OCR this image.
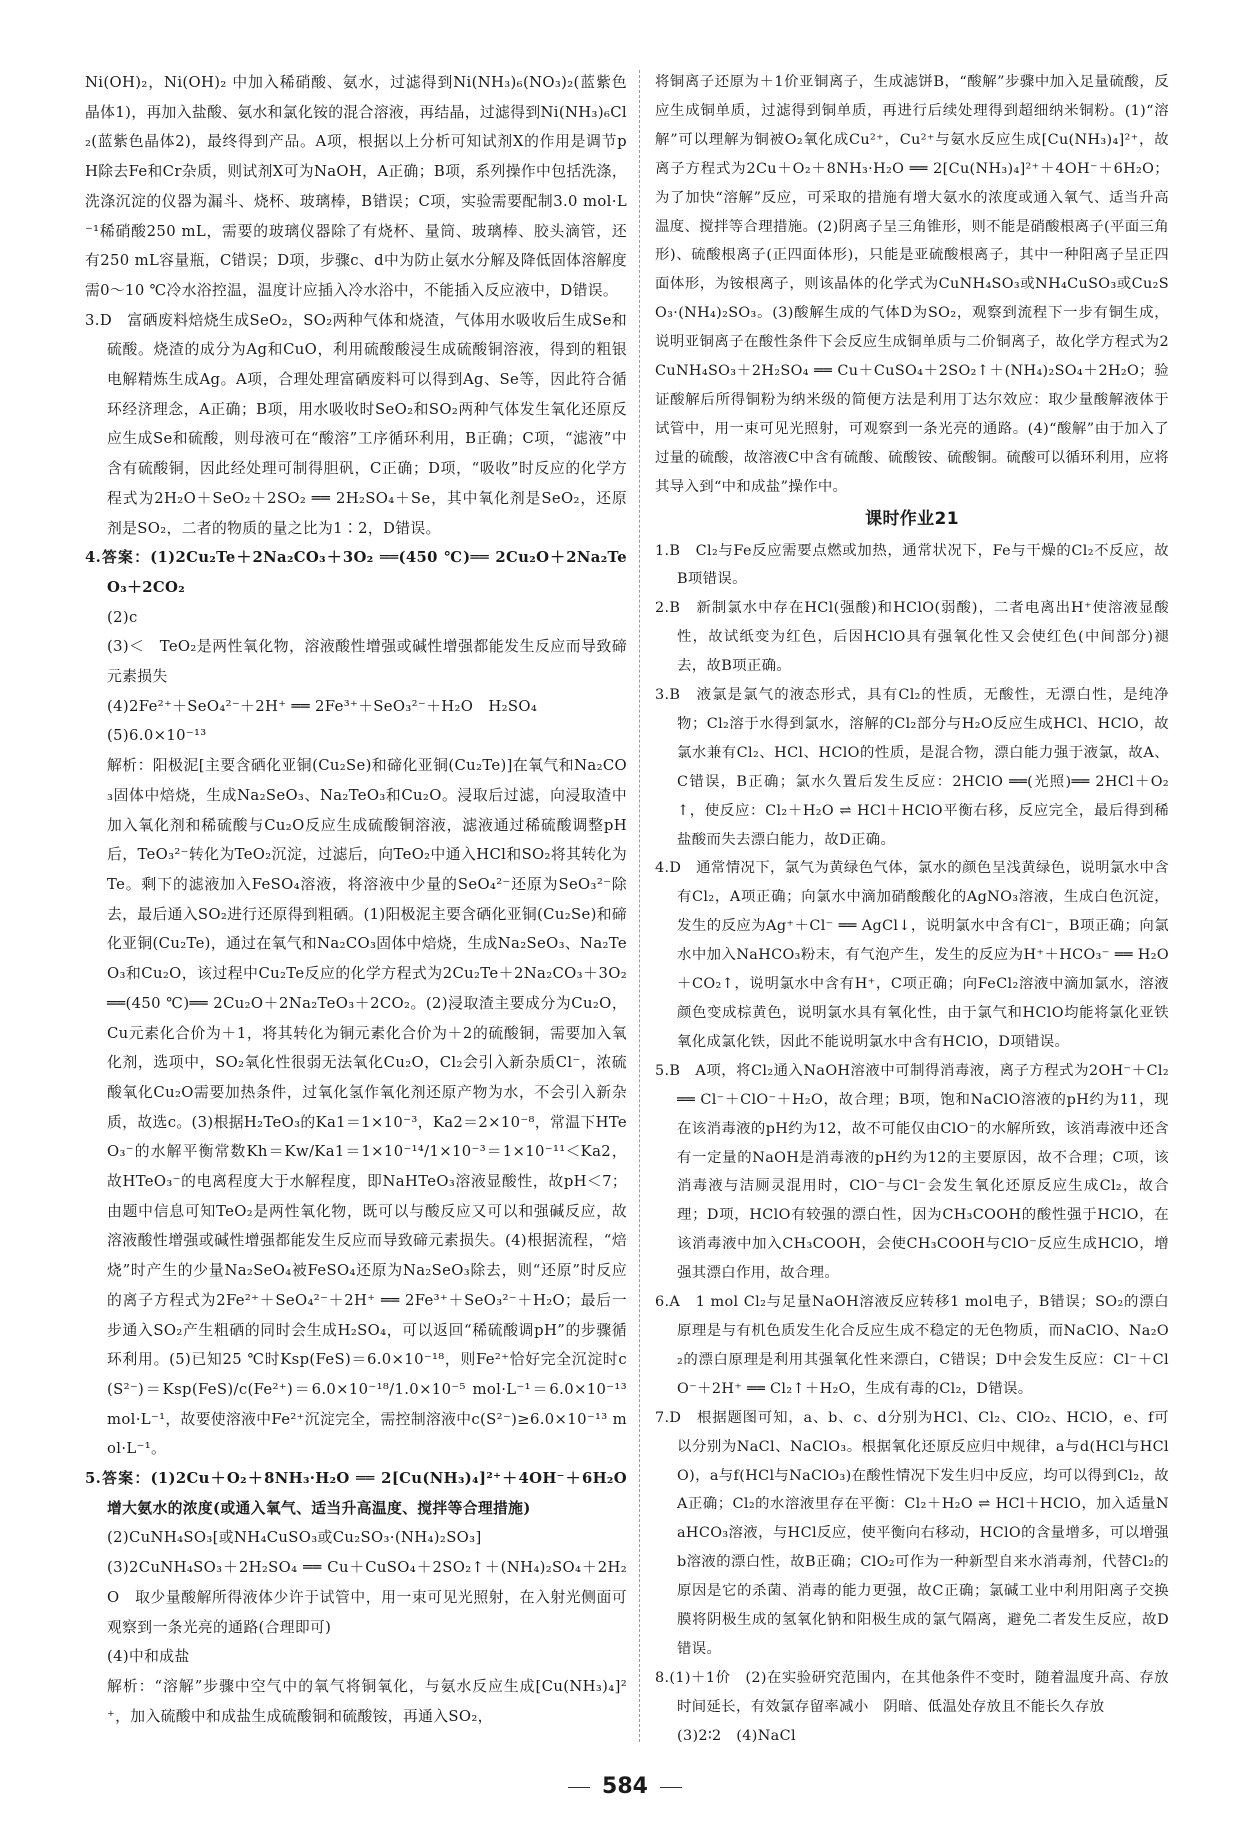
Ni(OH)₂，Ni(OH)₂ 中加入稀硝酸、氨水，过滤得到Ni(NH₃)₆(NO₃)₂(蓝紫色晶体1)，再加入盐酸、氨水和氯化铵的混合溶液，再结晶，过滤得到Ni(NH₃)₆Cl₂(蓝紫色晶体2)，最终得到产品。A项，根据以上分析可知试剂X的作用是调节pH除去Fe和Cr杂质，则试剂X可为NaOH，A正确；B项，系列操作中包括洗涤，洗涤沉淀的仪器为漏斗、烧杯、玻璃棒，B错误；C项，实验需要配制3.0 mol·L⁻¹稀硝酸250 mL，需要的玻璃仪器除了有烧杯、量筒、玻璃棒、胶头滴管，还有250 mL容量瓶，C错误；D项，步骤c、d中为防止氨水分解及降低固体溶解度需0～10 ℃冷水浴控温，温度计应插入冷水浴中，不能插入反应液中，D错误。

3.D　富硒废料焙烧生成SeO₂，SO₂两种气体和烧渣，气体用水吸收后生成Se和硫酸。烧渣的成分为Ag和CuO，利用硫酸酸浸生成硫酸铜溶液，得到的粗银电解精炼生成Ag。A项，合理处理富硒废料可以得到Ag、Se等，因此符合循环经济理念，A正确；B项，用水吸收时SeO₂和SO₂两种气体发生氧化还原反应生成Se和硫酸，则母液可在“酸溶”工序循环利用，B正确；C项，“滤液”中含有硫酸铜，因此经处理可制得胆矾，C正确；D项，“吸收”时反应的化学方程式为2H₂O＋SeO₂＋2SO₂ ══ 2H₂SO₄＋Se，其中氧化剂是SeO₂，还原剂是SO₂，二者的物质的量之比为1∶2，D错误。

4.答案：(1)2Cu₂Te＋2Na₂CO₃＋3O₂ ══(450 ℃)══ 2Cu₂O＋2Na₂TeO₃＋2CO₂

(2)c

(3)＜　TeO₂是两性氧化物，溶液酸性增强或碱性增强都能发生反应而导致碲元素损失

(4)2Fe²⁺＋SeO₄²⁻＋2H⁺ ══ 2Fe³⁺＋SeO₃²⁻＋H₂O　H₂SO₄

(5)6.0×10⁻¹³

解析：阳极泥[主要含硒化亚铜(Cu₂Se)和碲化亚铜(Cu₂Te)]在氧气和Na₂CO₃固体中焙烧，生成Na₂SeO₃、Na₂TeO₃和Cu₂O。浸取后过滤，向浸取渣中加入氧化剂和稀硫酸与Cu₂O反应生成硫酸铜溶液，滤液通过稀硫酸调整pH后，TeO₃²⁻转化为TeO₂沉淀，过滤后，向TeO₂中通入HCl和SO₂将其转化为Te。剩下的滤液加入FeSO₄溶液，将溶液中少量的SeO₄²⁻还原为SeO₃²⁻除去，最后通入SO₂进行还原得到粗硒。(1)阳极泥主要含硒化亚铜(Cu₂Se)和碲化亚铜(Cu₂Te)，通过在氧气和Na₂CO₃固体中焙烧，生成Na₂SeO₃、Na₂TeO₃和Cu₂O，该过程中Cu₂Te反应的化学方程式为2Cu₂Te＋2Na₂CO₃＋3O₂ ══(450 ℃)══ 2Cu₂O＋2Na₂TeO₃＋2CO₂。(2)浸取渣主要成分为Cu₂O，Cu元素化合价为＋1，将其转化为铜元素化合价为＋2的硫酸铜，需要加入氧化剂，选项中，SO₂氧化性很弱无法氧化Cu₂O，Cl₂会引入新杂质Cl⁻，浓硫酸氧化Cu₂O需要加热条件，过氧化氢作氧化剂还原产物为水，不会引入新杂质，故选c。(3)根据H₂TeO₃的Ka1＝1×10⁻³，Ka2＝2×10⁻⁸，常温下HTeO₃⁻的水解平衡常数Kh＝Kw/Ka1＝1×10⁻¹⁴/1×10⁻³＝1×10⁻¹¹＜Ka2，故HTeO₃⁻的电离程度大于水解程度，即NaHTeO₃溶液显酸性，故pH＜7；由题中信息可知TeO₂是两性氧化物，既可以与酸反应又可以和强碱反应，故溶液酸性增强或碱性增强都能发生反应而导致碲元素损失。(4)根据流程，“焙烧”时产生的少量Na₂SeO₄被FeSO₄还原为Na₂SeO₃除去，则“还原”时反应的离子方程式为2Fe²⁺＋SeO₄²⁻＋2H⁺ ══ 2Fe³⁺＋SeO₃²⁻＋H₂O；最后一步通入SO₂产生粗硒的同时会生成H₂SO₄，可以返回“稀硫酸调pH”的步骤循环利用。(5)已知25 ℃时Ksp(FeS)＝6.0×10⁻¹⁸，则Fe²⁺恰好完全沉淀时c(S²⁻)＝Ksp(FeS)/c(Fe²⁺)＝6.0×10⁻¹⁸/1.0×10⁻⁵ mol·L⁻¹＝6.0×10⁻¹³ mol·L⁻¹，故要使溶液中Fe²⁺沉淀完全，需控制溶液中c(S²⁻)≥6.0×10⁻¹³ mol·L⁻¹。

5.答案：(1)2Cu＋O₂＋8NH₃·H₂O ══ 2[Cu(NH₃)₄]²⁺＋4OH⁻＋6H₂O　增大氨水的浓度(或通入氧气、适当升高温度、搅拌等合理措施)

(2)CuNH₄SO₃[或NH₄CuSO₃或Cu₂SO₃·(NH₄)₂SO₃]

(3)2CuNH₄SO₃＋2H₂SO₄ ══ Cu＋CuSO₄＋2SO₂↑＋(NH₄)₂SO₄＋2H₂O　取少量酸解所得液体少许于试管中，用一束可见光照射，在入射光侧面可观察到一条光亮的通路(合理即可)

(4)中和成盐

解析：“溶解”步骤中空气中的氧气将铜氧化，与氨水反应生成[Cu(NH₃)₄]²⁺，加入硫酸中和成盐生成硫酸铜和硫酸铵，再通入SO₂，

将铜离子还原为＋1价亚铜离子，生成滤饼B，“酸解”步骤中加入足量硫酸，反应生成铜单质，过滤得到铜单质，再进行后续处理得到超细纳米铜粉。(1)“溶解”可以理解为铜被O₂氧化成Cu²⁺，Cu²⁺与氨水反应生成[Cu(NH₃)₄]²⁺，故离子方程式为2Cu＋O₂＋8NH₃·H₂O ══ 2[Cu(NH₃)₄]²⁺＋4OH⁻＋6H₂O；为了加快“溶解”反应，可采取的措施有增大氨水的浓度或通入氧气、适当升高温度、搅拌等合理措施。(2)阴离子呈三角锥形，则不能是硝酸根离子(平面三角形)、硫酸根离子(正四面体形)，只能是亚硫酸根离子，其中一种阳离子呈正四面体形，为铵根离子，则该晶体的化学式为CuNH₄SO₃或NH₄CuSO₃或Cu₂SO₃·(NH₄)₂SO₃。(3)酸解生成的气体D为SO₂，观察到流程下一步有铜生成，说明亚铜离子在酸性条件下会反应生成铜单质与二价铜离子，故化学方程式为2CuNH₄SO₃＋2H₂SO₄ ══ Cu＋CuSO₄＋2SO₂↑＋(NH₄)₂SO₄＋2H₂O；验证酸解后所得铜粉为纳米级的简便方法是利用丁达尔效应：取少量酸解液体于试管中，用一束可见光照射，可观察到一条光亮的通路。(4)“酸解”由于加入了过量的硫酸，故溶液C中含有硫酸、硫酸铵、硫酸铜。硫酸可以循环利用，应将其导入到“中和成盐”操作中。

课时作业21

1.B　Cl₂与Fe反应需要点燃或加热，通常状况下，Fe与干燥的Cl₂不反应，故B项错误。

2.B　新制氯水中存在HCl(强酸)和HClO(弱酸)，二者电离出H⁺使溶液显酸性，故试纸变为红色，后因HClO具有强氧化性又会使红色(中间部分)褪去，故B项正确。

3.B　液氯是氯气的液态形式，具有Cl₂的性质，无酸性，无漂白性，是纯净物；Cl₂溶于水得到氯水，溶解的Cl₂部分与H₂O反应生成HCl、HClO，故氯水兼有Cl₂、HCl、HClO的性质，是混合物，漂白能力强于液氯，故A、C错误，B正确；氯水久置后发生反应：2HClO ══(光照)══ 2HCl＋O₂↑，使反应：Cl₂＋H₂O ⇌ HCl＋HClO平衡右移，反应完全，最后得到稀盐酸而失去漂白能力，故D正确。

4.D　通常情况下，氯气为黄绿色气体，氯水的颜色呈浅黄绿色，说明氯水中含有Cl₂，A项正确；向氯水中滴加硝酸酸化的AgNO₃溶液，生成白色沉淀，发生的反应为Ag⁺＋Cl⁻ ══ AgCl↓，说明氯水中含有Cl⁻，B项正确；向氯水中加入NaHCO₃粉末，有气泡产生，发生的反应为H⁺＋HCO₃⁻ ══ H₂O＋CO₂↑，说明氯水中含有H⁺，C项正确；向FeCl₂溶液中滴加氯水，溶液颜色变成棕黄色，说明氯水具有氧化性，由于氯气和HClO均能将氯化亚铁氧化成氯化铁，因此不能说明氯水中含有HClO，D项错误。

5.B　A项，将Cl₂通入NaOH溶液中可制得消毒液，离子方程式为2OH⁻＋Cl₂ ══ Cl⁻＋ClO⁻＋H₂O，故合理；B项，饱和NaClO溶液的pH约为11，现在该消毒液的pH约为12，故不可能仅由ClO⁻的水解所致，该消毒液中还含有一定量的NaOH是消毒液的pH约为12的主要原因，故不合理；C项，该消毒液与洁厕灵混用时，ClO⁻与Cl⁻会发生氧化还原反应生成Cl₂，故合理；D项，HClO有较强的漂白性，因为CH₃COOH的酸性强于HClO，在该消毒液中加入CH₃COOH，会使CH₃COOH与ClO⁻反应生成HClO，增强其漂白作用，故合理。

6.A　1 mol Cl₂与足量NaOH溶液反应转移1 mol电子，B错误；SO₂的漂白原理是与有机色质发生化合反应生成不稳定的无色物质，而NaClO、Na₂O₂的漂白原理是利用其强氧化性来漂白，C错误；D中会发生反应：Cl⁻＋ClO⁻＋2H⁺ ══ Cl₂↑＋H₂O，生成有毒的Cl₂，D错误。

7.D　根据题图可知，a、b、c、d分别为HCl、Cl₂、ClO₂、HClO，e、f可以分别为NaCl、NaClO₃。根据氧化还原反应归中规律，a与d(HCl与HClO)，a与f(HCl与NaClO₃)在酸性情况下发生归中反应，均可以得到Cl₂，故A正确；Cl₂的水溶液里存在平衡：Cl₂＋H₂O ⇌ HCl＋HClO，加入适量NaHCO₃溶液，与HCl反应，使平衡向右移动，HClO的含量增多，可以增强b溶液的漂白性，故B正确；ClO₂可作为一种新型自来水消毒剂，代替Cl₂的原因是它的杀菌、消毒的能力更强，故C正确；氯碱工业中利用阳离子交换膜将阴极生成的氢氧化钠和阳极生成的氯气隔离，避免二者发生反应，故D错误。

8.(1)＋1价　(2)在实验研究范围内，在其他条件不变时，随着温度升高、存放时间延长，有效氯存留率减小　阴暗、低温处存放且不能长久存放

(3)2∶2　(4)NaCl

584
